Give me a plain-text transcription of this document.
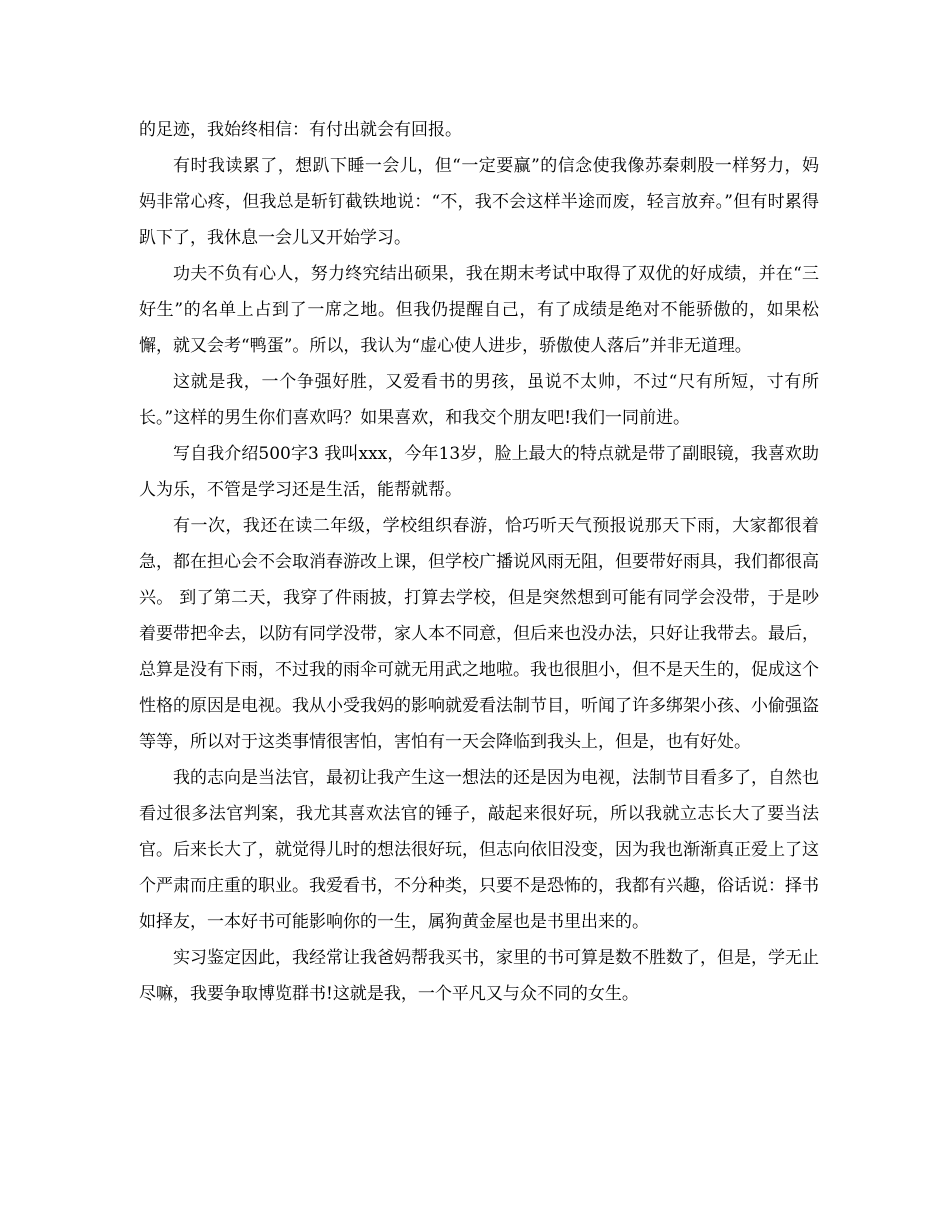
的足迹，我始终相信：有付出就会有回报。

有时我读累了，想趴下睡一会儿，但“一定要赢”的信念使我像苏秦刺股一样努力，妈妈非常心疼，但我总是斩钉截铁地说：“不，我不会这样半途而废，轻言放弃。”但有时累得趴下了，我休息一会儿又开始学习。

功夫不负有心人，努力终究结出硕果，我在期末考试中取得了双优的好成绩，并在“三好生”的名单上占到了一席之地。但我仍提醒自己，有了成绩是绝对不能骄傲的，如果松懈，就又会考“鸭蛋”。所以，我认为“虚心使人进步，骄傲使人落后”并非无道理。

这就是我，一个争强好胜，又爱看书的男孩，虽说不太帅，不过“尺有所短，寸有所长。”这样的男生你们喜欢吗？如果喜欢，和我交个朋友吧!我们一同前进。

写自我介绍500字3 我叫xxx，今年13岁，脸上最大的特点就是带了副眼镜，我喜欢助人为乐，不管是学习还是生活，能帮就帮。

有一次，我还在读二年级，学校组织春游，恰巧听天气预报说那天下雨，大家都很着急，都在担心会不会取消春游改上课，但学校广播说风雨无阻，但要带好雨具，我们都很高兴。 到了第二天，我穿了件雨披，打算去学校，但是突然想到可能有同学会没带，于是吵着要带把伞去，以防有同学没带，家人本不同意，但后来也没办法，只好让我带去。最后，总算是没有下雨，不过我的雨伞可就无用武之地啦。我也很胆小，但不是天生的，促成这个性格的原因是电视。我从小受我妈的影响就爱看法制节目，听闻了许多绑架小孩、小偷强盗等等，所以对于这类事情很害怕，害怕有一天会降临到我头上，但是，也有好处。

我的志向是当法官，最初让我产生这一想法的还是因为电视，法制节目看多了，自然也看过很多法官判案，我尤其喜欢法官的锤子，敲起来很好玩，所以我就立志长大了要当法官。后来长大了，就觉得儿时的想法很好玩，但志向依旧没变，因为我也渐渐真正爱上了这个严肃而庄重的职业。我爱看书，不分种类，只要不是恐怖的，我都有兴趣，俗话说：择书如择友，一本好书可能影响你的一生，属狗黄金屋也是书里出来的。

实习鉴定因此，我经常让我爸妈帮我买书，家里的书可算是数不胜数了，但是，学无止尽嘛，我要争取博览群书!这就是我，一个平凡又与众不同的女生。
